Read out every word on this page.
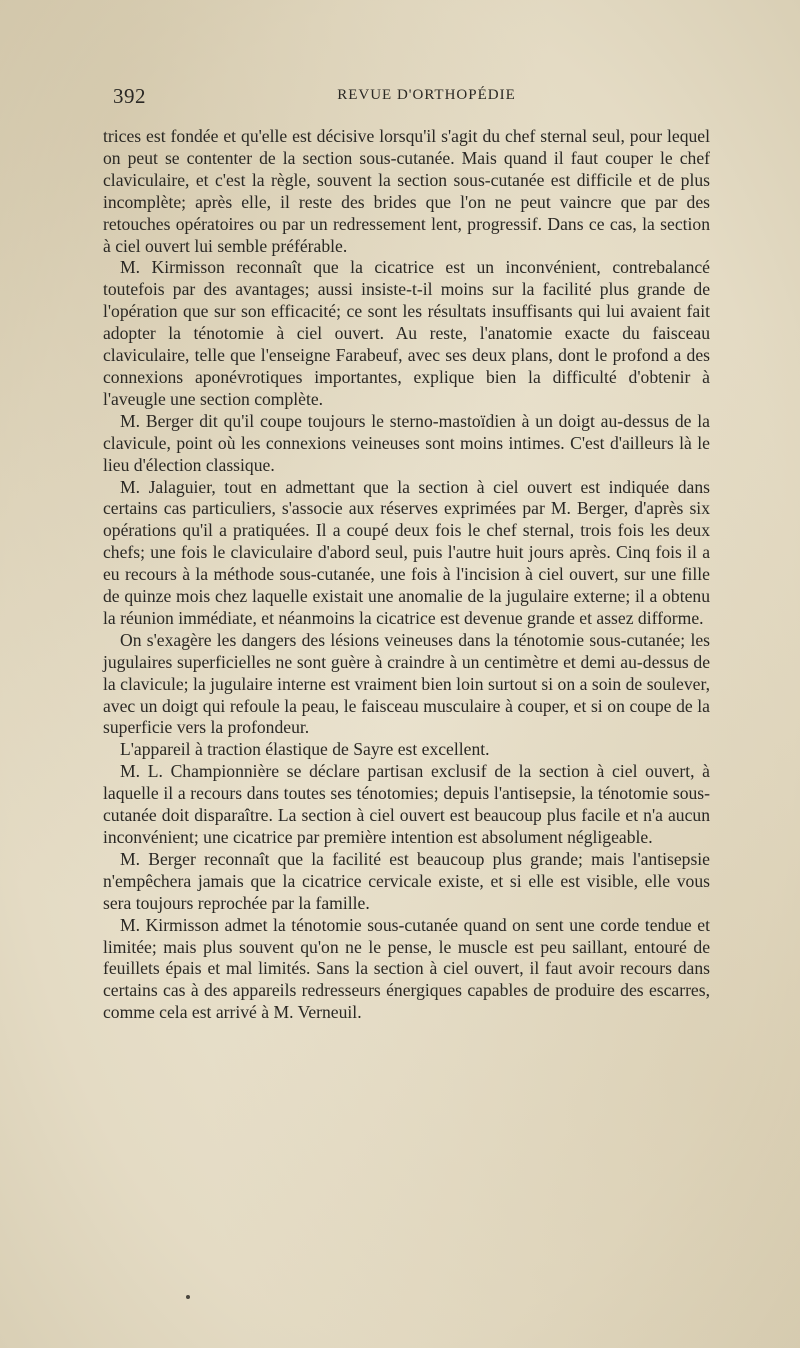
392	REVUE D'ORTHOPÉDIE

trices est fondée et qu'elle est décisive lorsqu'il s'agit du chef sternal seul, pour lequel on peut se contenter de la section sous-cutanée. Mais quand il faut couper le chef claviculaire, et c'est la règle, souvent la section sous-cutanée est difficile et de plus incomplète; après elle, il reste des brides que l'on ne peut vaincre que par des retouches opératoires ou par un redressement lent, progressif. Dans ce cas, la section à ciel ouvert lui semble préférable.

M. Kirmisson reconnaît que la cicatrice est un inconvénient, contrebalancé toutefois par des avantages; aussi insiste-t-il moins sur la facilité plus grande de l'opération que sur son efficacité; ce sont les résultats insuffisants qui lui avaient fait adopter la ténotomie à ciel ouvert. Au reste, l'anatomie exacte du faisceau claviculaire, telle que l'enseigne Farabeuf, avec ses deux plans, dont le profond a des connexions aponévrotiques importantes, explique bien la difficulté d'obtenir à l'aveugle une section complète.

M. Berger dit qu'il coupe toujours le sterno-mastoïdien à un doigt au-dessus de la clavicule, point où les connexions veineuses sont moins intimes. C'est d'ailleurs là le lieu d'élection classique.

M. Jalaguier, tout en admettant que la section à ciel ouvert est indiquée dans certains cas particuliers, s'associe aux réserves exprimées par M. Berger, d'après six opérations qu'il a pratiquées. Il a coupé deux fois le chef sternal, trois fois les deux chefs; une fois le claviculaire d'abord seul, puis l'autre huit jours après. Cinq fois il a eu recours à la méthode sous-cutanée, une fois à l'incision à ciel ouvert, sur une fille de quinze mois chez laquelle existait une anomalie de la jugulaire externe; il a obtenu la réunion immédiate, et néanmoins la cicatrice est devenue grande et assez difforme.

On s'exagère les dangers des lésions veineuses dans la ténotomie sous-cutanée; les jugulaires superficielles ne sont guère à craindre à un centimètre et demi au-dessus de la clavicule; la jugulaire interne est vraiment bien loin surtout si on a soin de soulever, avec un doigt qui refoule la peau, le faisceau musculaire à couper, et si on coupe de la superficie vers la profondeur.

L'appareil à traction élastique de Sayre est excellent.

M. L. Championnière se déclare partisan exclusif de la section à ciel ouvert, à laquelle il a recours dans toutes ses ténotomies; depuis l'antisepsie, la ténotomie sous-cutanée doit disparaître. La section à ciel ouvert est beaucoup plus facile et n'a aucun inconvénient; une cicatrice par première intention est absolument négligeable.

M. Berger reconnaît que la facilité est beaucoup plus grande; mais l'antisepsie n'empêchera jamais que la cicatrice cervicale existe, et si elle est visible, elle vous sera toujours reprochée par la famille.

M. Kirmisson admet la ténotomie sous-cutanée quand on sent une corde tendue et limitée; mais plus souvent qu'on ne le pense, le muscle est peu saillant, entouré de feuillets épais et mal limités. Sans la section à ciel ouvert, il faut avoir recours dans certains cas à des appareils redresseurs énergiques capables de produire des escarres, comme cela est arrivé à M. Verneuil.
